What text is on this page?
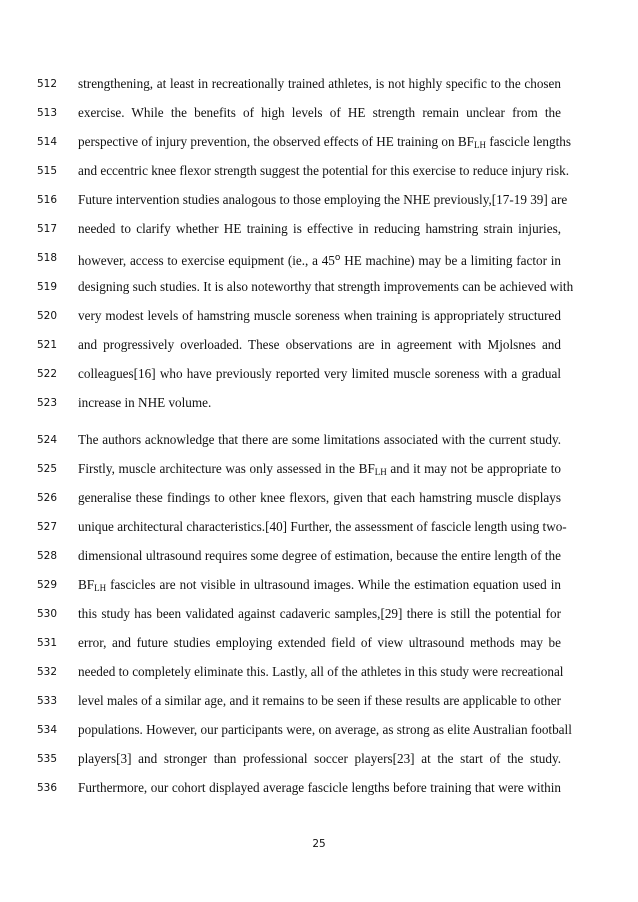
512	strengthening, at least in recreationally trained athletes, is not highly specific to the chosen
513	exercise. While the benefits of high levels of HE strength remain unclear from the
514	perspective of injury prevention, the observed effects of HE training on $BF_{LH}$ fascicle lengths
515	and eccentric knee flexor strength suggest the potential for this exercise to reduce injury risk.
516	Future intervention studies analogous to those employing the NHE previously,[17-19 39] are
517	needed to clarify whether HE training is effective in reducing hamstring strain injuries,
518	however, access to exercise equipment (ie., a 45$^o$ HE machine) may be a limiting factor in
519	designing such studies. It is also noteworthy that strength improvements can be achieved with
520	very modest levels of hamstring muscle soreness when training is appropriately structured
521	and progressively overloaded. These observations are in agreement with Mjolsnes and
522	colleagues[16] who have previously reported very limited muscle soreness with a gradual
523	increase in NHE volume.
524	The authors acknowledge that there are some limitations associated with the current study.
525	Firstly, muscle architecture was only assessed in the $BF_{LH}$ and it may not be appropriate to
526	generalise these findings to other knee flexors, given that each hamstring muscle displays
527	unique architectural characteristics.[40] Further, the assessment of fascicle length using two-
528	dimensional ultrasound requires some degree of estimation, because the entire length of the
529	$BF_{LH}$ fascicles are not visible in ultrasound images. While the estimation equation used in
530	this study has been validated against cadaveric samples,[29] there is still the potential for
531	error, and future studies employing extended field of view ultrasound methods may be
532	needed to completely eliminate this. Lastly, all of the athletes in this study were recreational
533	level males of a similar age, and it remains to be seen if these results are applicable to other
534	populations. However, our participants were, on average, as strong as elite Australian football
535	players[3] and stronger than professional soccer players[23] at the start of the study.
536	Furthermore, our cohort displayed average fascicle lengths before training that were within
25
